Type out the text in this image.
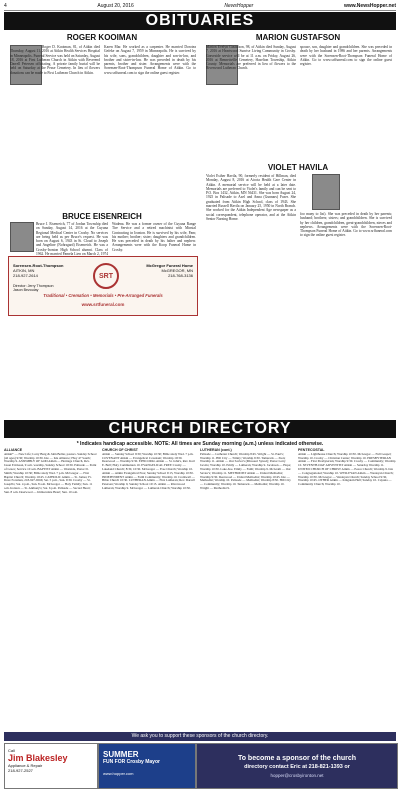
4	August 20, 2016	NewsHopper	www.NewsHopper.net
OBITUARIES
ROGER KOOIMAN
Roger D. Kooiman, 81, of Aitkin died Thursday, August 11, 2016 at Aitkin Health Services Hospital in Minneapolis. Funeral Service was held on Saturday, August 18, 2016 at First Lutheran Church in Aitkin with Reverend Darrell Petersen officiating. A private family burial will be held on Saturday at the Pease Cemetery. In lieu of flowers donations can be made to First Lutheran Church in Aitkin.
Karen Mar. He worked as a carpenter. He married Dorotea Gefeke on August 7, 1959 in Minneapolis. He is survived by his wife, sons, grandchildren, daughter and son-in-law, and brother and sister-in-law. He was preceded in death by his parents, brother and sister. Arrangements were with the Sorensen-Root-Thompson Funeral Home of Aitkin. Go to www.srffuneral.com to sign the online guest register.
MARION GUSTAFSON
Marion Evelyn Gustafson, 98, of Aitkin died Sunday, August 7, 2016 at Heartwood Sunrise Living Community in Crosby. Graveside service will be at 11 a.m. on Friday, August 26, 2016 at Bennettville Cemetery, Haselton Township, Aitkin County. Memorials are preferred in lieu of flowers to the Riverwood Lutheran Church.
spouse, son, daughter and grandchildren. She was preceded in death by her husband in 1986 and her parents. Arrangements were with the Sorensen-Root-Thompson Funeral Home of Aitkin. Go to www.srffuneral.com to sign the online guest register.
BRUCE EISENREICH
Bruce J. Eisenreich, 77 of Jordan Township died on Sunday, August 14, 2016 at the Cuyuna Regional Medical Center in Crosby. No services are being held as per Bruce's request. He was born on August 6, 1943 in St. Cloud to Joseph and Angeline (Nohrsgard) Eisenreich. He was a Crosby-Ironton High School alumni. Class of 1962. He married Pamela Lien on March 2, 1974
Wadena. He was a former owner of the Cuyuna Range Tire Service and a retired machinist with Minstal Contracting in Ironton. He is survived by his wife, Pam; his mother; brother; sister; daughters and grandchildren. He was preceded in death by his father and nephew. Arrangements were with the Koop Funeral Home in Crosby.
Sorensen-Root-Thompson
AITKIN, MN
218-927-2614	SRT
McGregor Funeral Home
McGREGOR, MN
218-768-3136
Director: Jerry Thompson
Jason Bezoulay
Traditional • Cremation • Memorials • Pre-Arranged Funerals
www.srtfuneral.com
VIOLET HAVILA
Violet Esther Havila, 90, formerly resident of Hillman, died Monday, August 8, 2016 at Aicota Health Care Center in Aitkin. A memorial service will be held at a later date. Memorials are preferred to Violet's family and can be sent to P.O. Box 1432, Aitkin, MN 56431. She was born August 24, 1925 in Palisade to Axel and Anna (Gunnars) Fuser. She graduated from Aitkin High School, class of 1943. She married Russell Havila on January 25, 1950 in North Branch. She worked for the Aitkin Independent Age newspaper as a social correspondent, telephone operator, and at the Aitkin Senior Nursing Home.
foo many to list). She was preceded in death by her parents; husband; brothers; sisters; and grandchildren. She is survived by her children, grandchildren, great-grandchildren, nieces and nephews. Arrangements were with the Sorensen-Root-Thompson Funeral Home of Aitkin. Go to www.srffuneral.com to sign the online guest register.
CHURCH DIRECTORY
* Indicates handicap accessible. NOTE: All times are Sunday morning (a.m.) unless indicated otherwise.
ALLIANCE
Aitkin* — New Life; Larry Burg & John Beller, pastors. Sunday School (all ages) 9:30; Worship 10:30. Isle — Isle Alliance; Hwy 47 South; Worship 9. ASSEMBLY OF GOD Aitkin — Heritage Church, Rev. Jason Erickson, 9 a.m. worship, Sunday School 10:30. Palisade — Point of Grace; Service 10 a.m. BAPTIST Aitkin — Westside, Pastor D. Smith; Worship 10:30; Bible study Wed. 7 p.m. McGregor — First Baptist Church; Worship 10:45. CATHOLIC Aitkin — St. James; Fr. Dave Forsman, 218-927-6566; Sat. 5 p.m., Sun. 9:30. Crosby — St. Joseph's; Sat. 4 p.m., Sun. 8 a.m. McGregor — Holy Family; Sun. 11 a.m. Ironton — St. Anthony's; Sat. 6 p.m. Palisade — Sacred Heart; Sun. 8 a.m. Deerwood — Immaculate Heart; Sun. 10 a.m.
CHURCH OF CHRIST
Aitkin — Sunday School 9:30; Worship 10:30; Bible study Wed. 7 p.m. COVENANT Aitkin — Evangelical Covenant; Worship 10:30. Deerwood — Worship 9:30. EPISCOPAL Aitkin — St. John's, Rev. Karl E. Bell; Holy Communion 10. EVANGELICAL FREE Crosby — Lakeland Church; 8:30, 10:30. McGregor — Free Church; Worship 10. Aitkin — Aitkin Evangelical Free; Sunday School 9:15, Worship 10:30. INDEPENDENT Aitkin — Faith Community; Worship 10. Cromwell — Bible Church 10:30. LUTHERAN Aitkin — First Lutheran; Rev. Darrell Petersen; Worship 9, Sunday School 10:15. Aitkin — Riverwood Lutheran; Worship 9. McGregor — Lutheran Church; Worship 10:30.
LUTHERAN (cont.)
Palisade — Lutheran Church; Worship 8:45. Wright — St. Paul's; Worship 11. Hill City — Trinity; Worship 9:30. Tamarack — Zion; Worship 11. Aitkin — Our Savior's (Missouri Synod); Pastor Larry Jacobs; Worship 10. Emily — Lutheran; Worship 9. Jacobson — Hope; Worship 10:30. Lake Ave. Emily — Faith; Worship 9. McGrath — Our Savior's; Worship 11. METHODIST Aitkin — United Methodist; Worship 9:30. Deerwood — United Methodist; Worship 10:45. Isle — Methodist; Worship 10. Palisade — Methodist; Worship 8:30. Hill City — Community; Worship 10. Tamarack — Methodist; Worship 10. Wright — Methodist 9.
PENTECOSTAL
Aitkin — Lighthouse Church; Worship 10:30. McGregor — Full Gospel; Worship 10. Crosby — Christian Center; Worship 10. PRESBYTERIAN Aitkin — First Presbyterian; Worship 9:30. Crosby — Community; Worship 10. SEVENTH-DAY ADVENTIST Aitkin — Saturday Worship 11. UNITED CHURCH OF CHRIST Aitkin — Peace Church; Worship 9. Isle — Congregational; Worship 10. WESLEYAN Aitkin — Wesleyan Church; Worship 10:30. McGregor — Wesleyan Church; Sunday School 9:30, Worship 10:45. OTHER Aitkin — Kingdom Hall; Sunday 10. Cuyuna — Community Church; Worship 10.
We ask you to support these sponsors of the church directory.
Call
Jim Blakesley
Appliance & Repair
218-927-2527
SUMMER
FUN FOR Crosby Mayor
www.hopper.com
To become a sponsor of the church
directory contact Eric at 218-821-1393 or
hopper@crosbyironton.net
